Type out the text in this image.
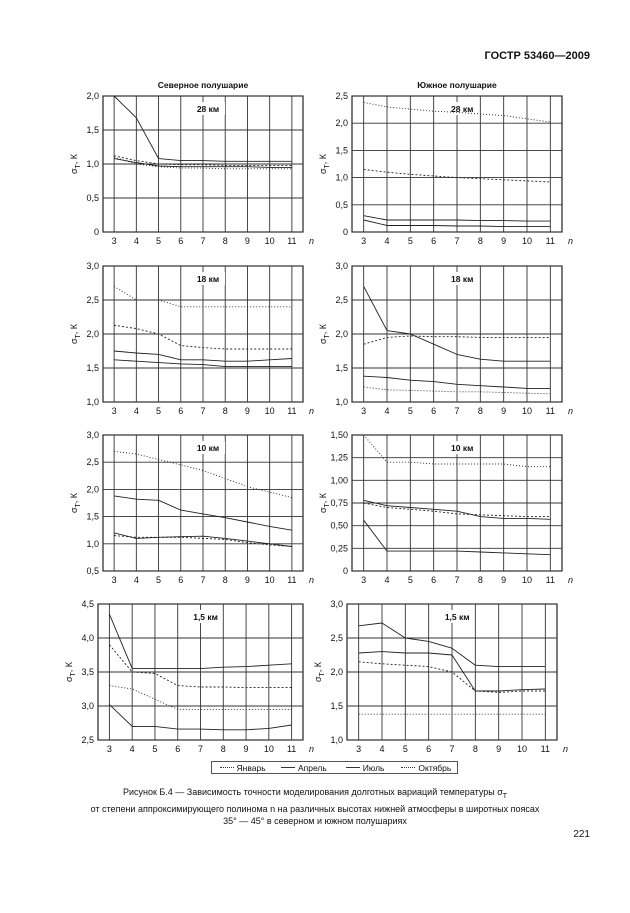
ГОСТР 53460—2009
3 4 5 6 7 8 9 10 11
0
0,5
1,0
1,5
2,0
n
$\sigma_T$, К
28 км
Северное полушарие
3 4 5 6 7 8 9 10 11
0
0,5
1,0
1,5
2,0
2,5
n
$\sigma_T$, К
28 км
Южное полушарие
3 4 5 6 7 8 9 10 11
1,0
1,5
2,0
2,5
3,0
n
$\sigma_T$, К
18 км
3 4 5 6 7 8 9 10 11
1,0
1,5
2,0
2,5
3,0
n
$\sigma_T$, К
18 км
3 4 5 6 7 8 9 10 11
0,5
1,0
1,5
2,0
2,5
3,0
n
$\sigma_T$, К
10 км
3 4 5 6 7 8 9 10 11
0
0,25
0,50
0,75
1,00
1,25
1,50
n
$\sigma_T$, К
10 км
3 4 5 6 7 8 9 10 11
2,5
3,0
3,5
4,0
4,5
n
$\sigma_T$, К
1,5 км
3 4 5 6 7 8 9 10 11
1,0
1,5
2,0
2,5
3,0
n
$\sigma_T$, К
1,5 км
Январь	Апрель	Июль	Октябрь
Рисунок Б.4 — Зависимость точности моделирования долготных вариаций температуры $\sigma_T$
от степени аппроксимирующего полинома n на различных высотах нижней атмосферы в широтных поясах
35° — 45° в северном и южном полушариях
221
